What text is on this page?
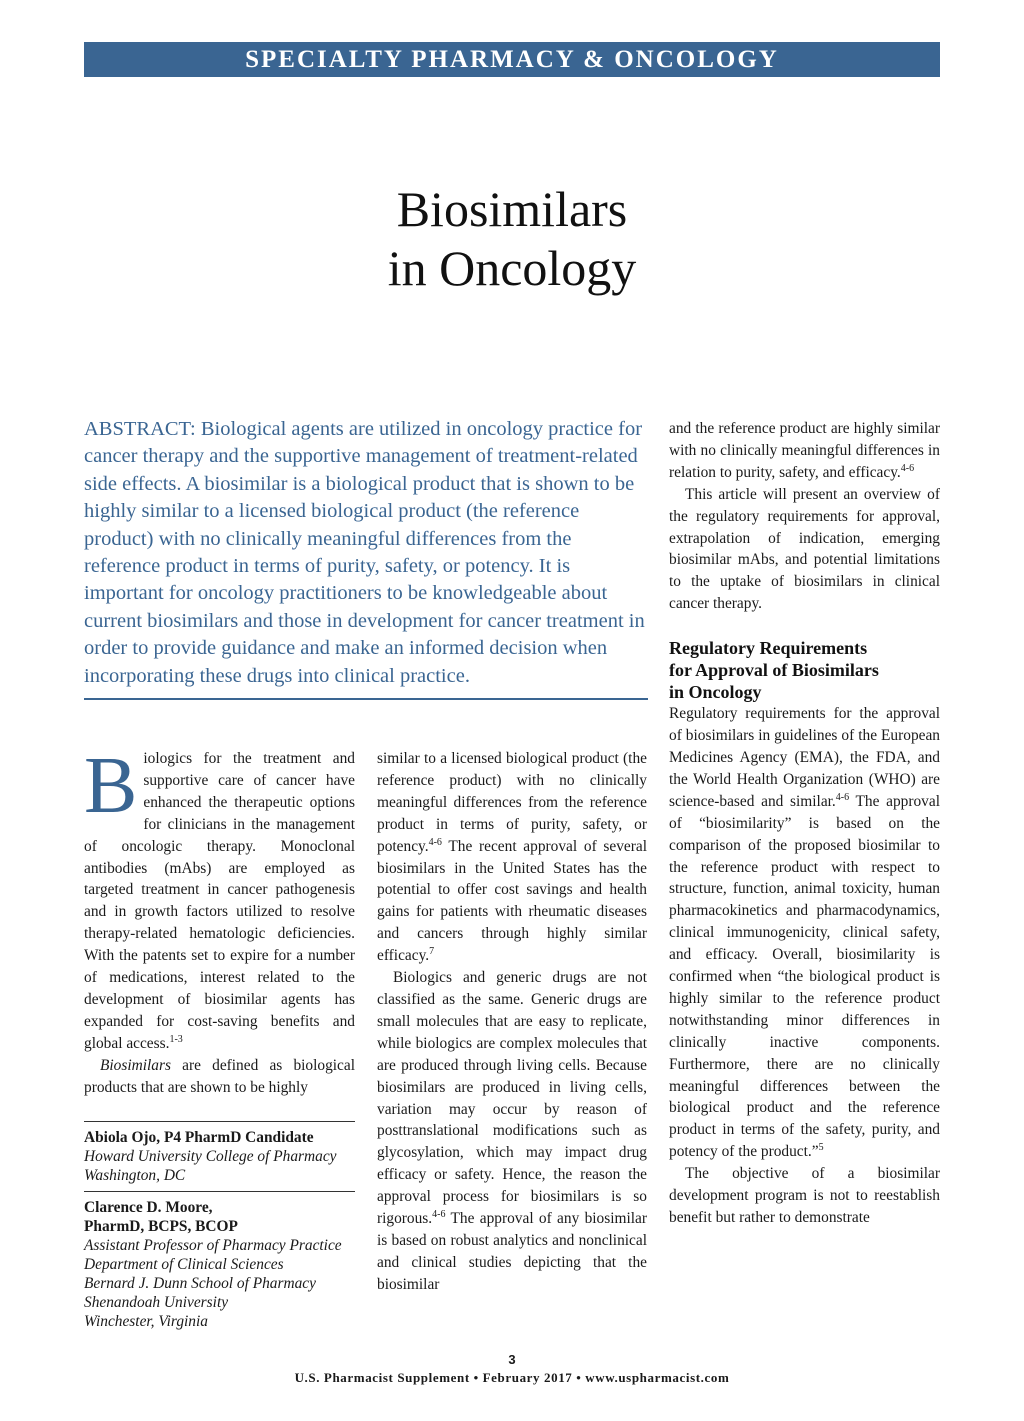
SPECIALTY PHARMACY & ONCOLOGY
Biosimilars
in Oncology
ABSTRACT: Biological agents are utilized in oncology practice for cancer therapy and the supportive management of treatment-related side effects. A biosimilar is a biological product that is shown to be highly similar to a licensed biological product (the reference product) with no clinically meaningful differences from the reference product in terms of purity, safety, or potency. It is important for oncology practitioners to be knowledgeable about current biosimilars and those in development for cancer treatment in order to provide guidance and make an informed decision when incorporating these drugs into clinical practice.

Biologics for the treatment and supportive care of cancer have enhanced the therapeutic options for clinicians in the management of oncologic therapy. Monoclonal antibodies (mAbs) are employed as targeted treatment in cancer pathogenesis and in growth factors utilized to resolve therapy-related hematologic deficiencies. With the patents set to expire for a number of medications, interest related to the development of biosimilar agents has expanded for cost-saving benefits and global access.$^{1-3}$

Biosimilars are defined as biological products that are shown to be highly

Abiola Ojo, P4 PharmD Candidate
Howard University College of Pharmacy
Washington, DC
Clarence D. Moore,
PharmD, BCPS, BCOP
Assistant Professor of Pharmacy Practice
Department of Clinical Sciences
Bernard J. Dunn School of Pharmacy
Shenandoah University
Winchester, Virginia

similar to a licensed biological product (the reference product) with no clinically meaningful differences from the reference product in terms of purity, safety, or potency.$^{4-6}$ The recent approval of several biosimilars in the United States has the potential to offer cost savings and health gains for patients with rheumatic diseases and cancers through highly similar efficacy.$^7$

Biologics and generic drugs are not classified as the same. Generic drugs are small molecules that are easy to replicate, while biologics are complex molecules that are produced through living cells. Because biosimilars are produced in living cells, variation may occur by reason of posttranslational modifications such as glycosylation, which may impact drug efficacy or safety. Hence, the reason the approval process for biosimilars is so rigorous.$^{4-6}$ The approval of any biosimilar is based on robust analytics and nonclinical and clinical studies depicting that the biosimilar

and the reference product are highly similar with no clinically meaningful differences in relation to purity, safety, and efficacy.$^{4-6}$

This article will present an overview of the regulatory requirements for approval, extrapolation of indication, emerging biosimilar mAbs, and potential limitations to the uptake of biosimilars in clinical cancer therapy.

Regulatory Requirements
for Approval of Biosimilars
in Oncology

Regulatory requirements for the approval of biosimilars in guidelines of the European Medicines Agency (EMA), the FDA, and the World Health Organization (WHO) are science-based and similar.$^{4-6}$ The approval of “biosimilarity” is based on the comparison of the proposed biosimilar to the reference product with respect to structure, function, animal toxicity, human pharmacokinetics and pharmacodynamics, clinical immunogenicity, clinical safety, and efficacy. Overall, biosimilarity is confirmed when “the biological product is highly similar to the reference product notwithstanding minor differences in clinically inactive components. Furthermore, there are no clinically meaningful differences between the biological product and the reference product in terms of the safety, purity, and potency of the product.”$^5$

The objective of a biosimilar development program is not to reestablish benefit but rather to demonstrate

3
U.S. Pharmacist Supplement • February 2017 • www.uspharmacist.com
